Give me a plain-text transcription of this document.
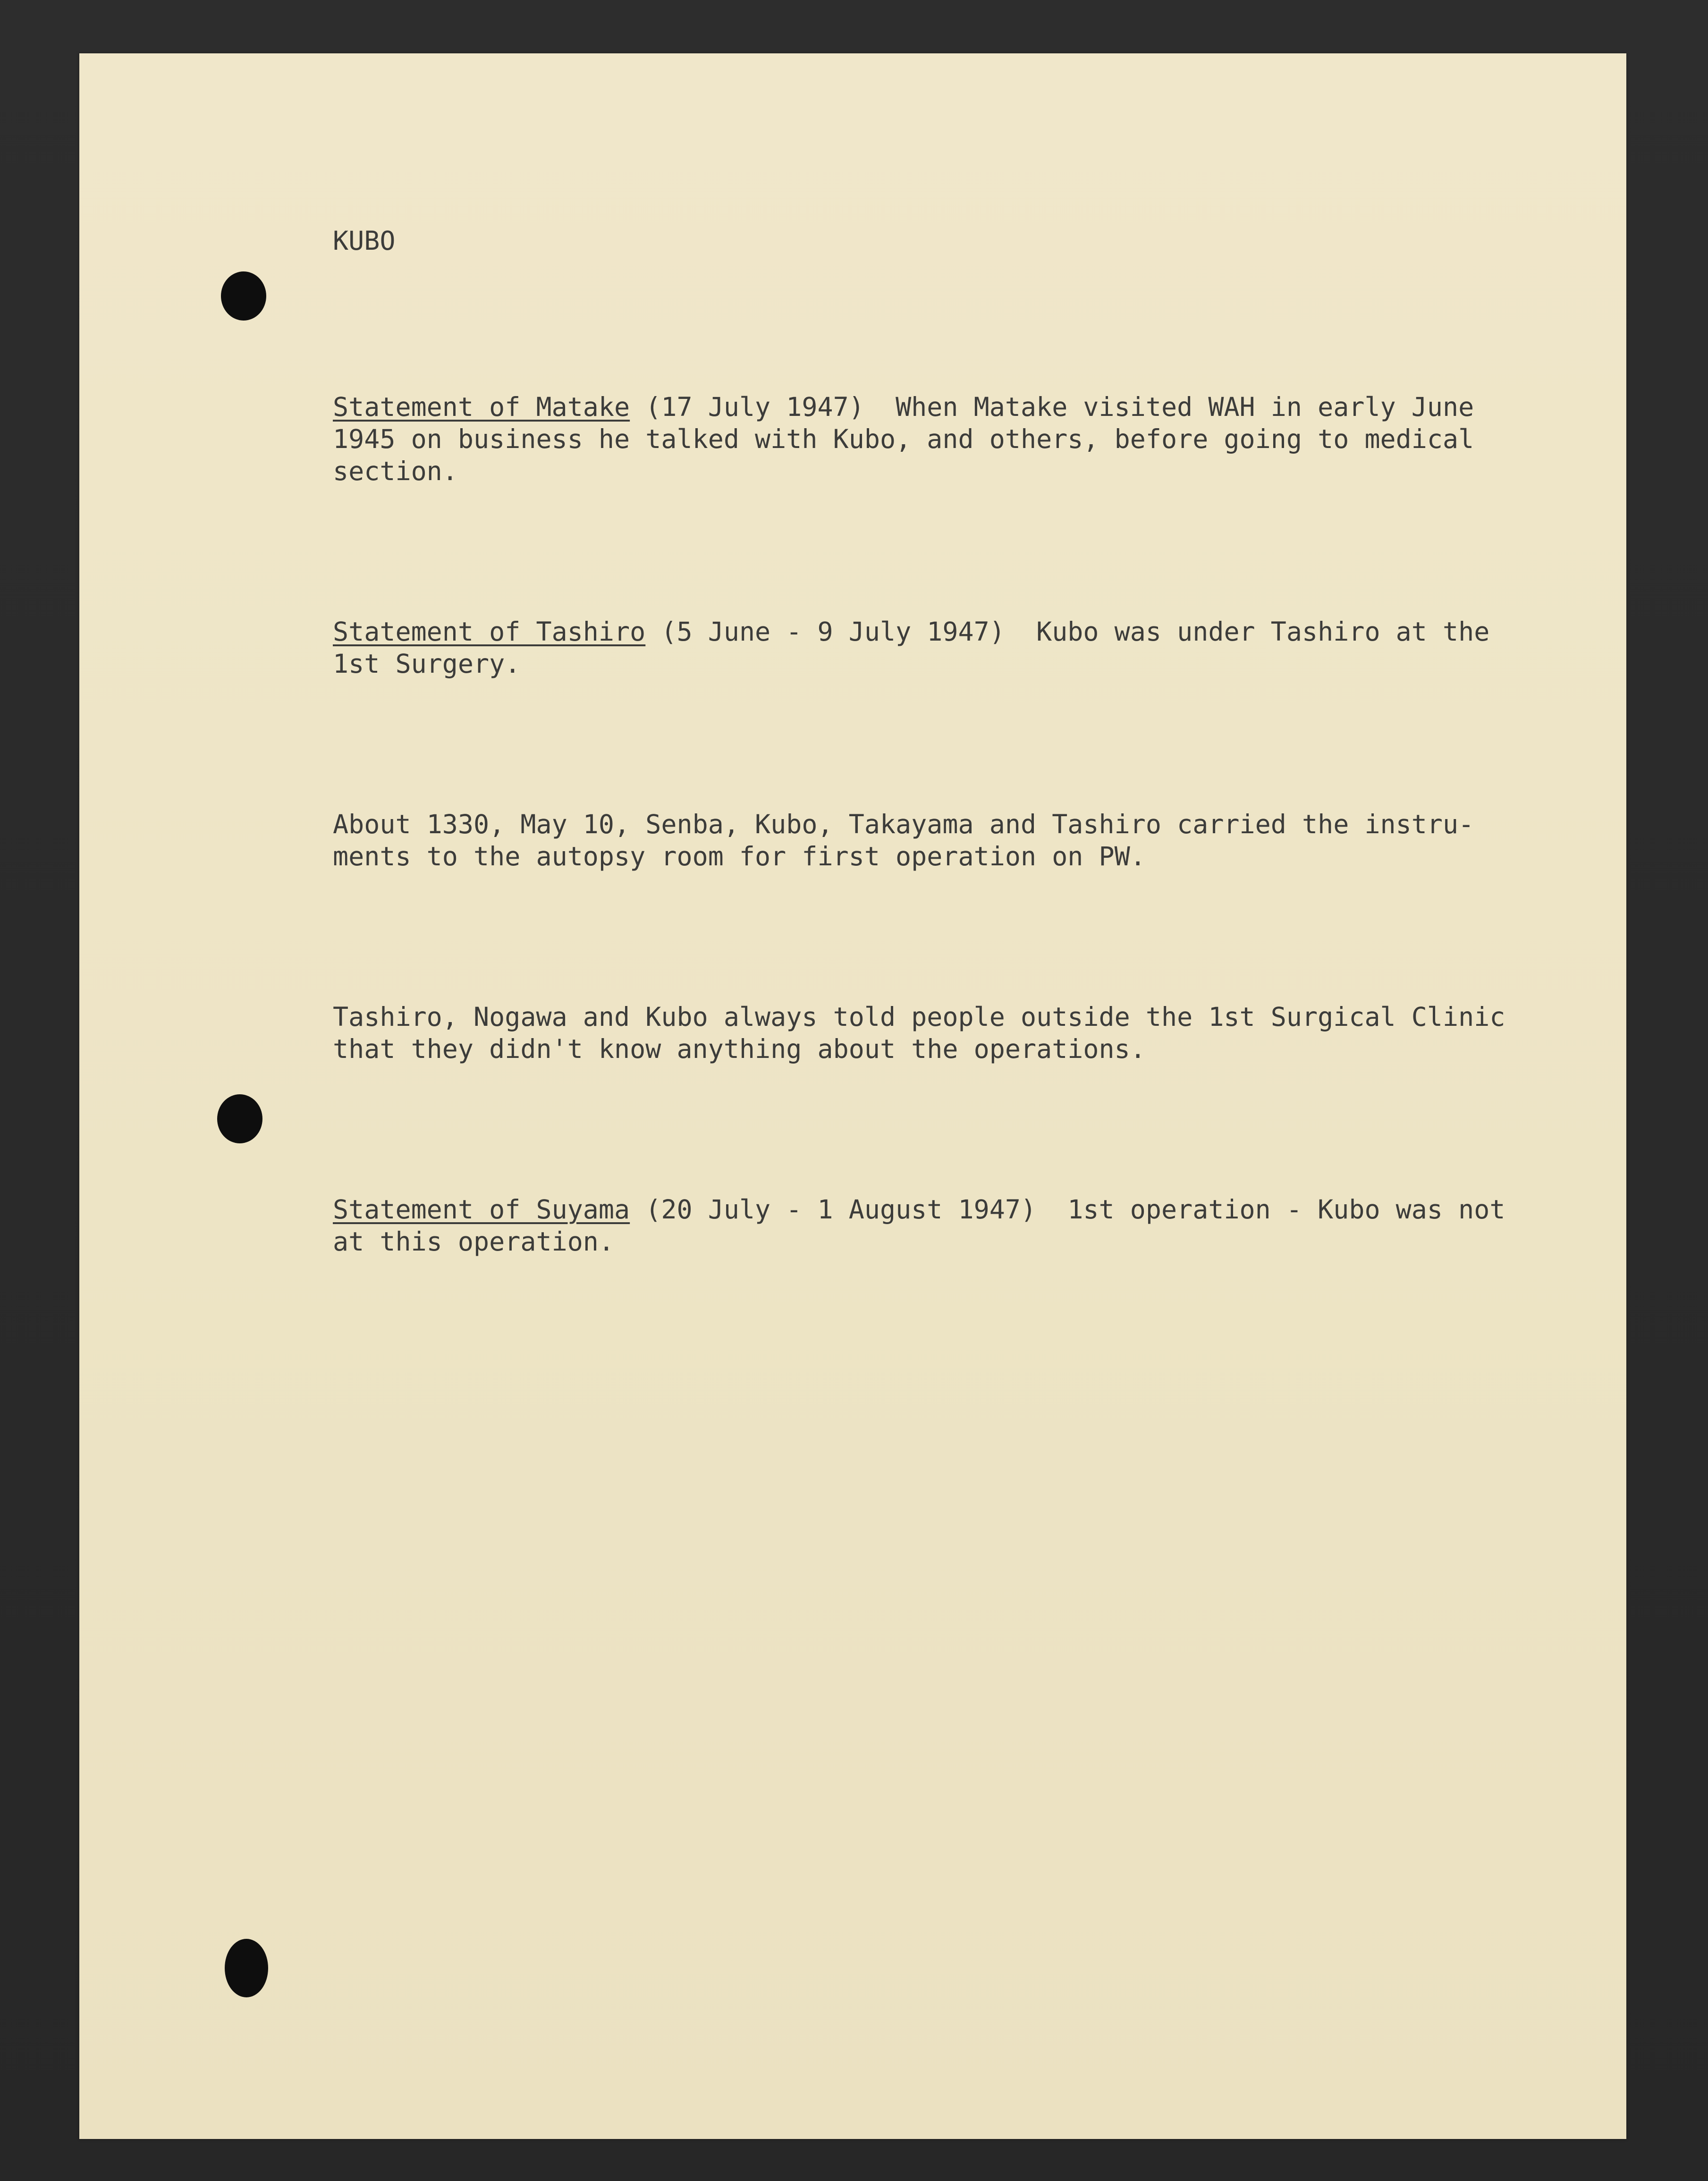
KUBO

Statement of Matake (17 July 1947)  When Matake visited WAH in early June
1945 on business he talked with Kubo, and others, before going to medical
section.

Statement of Tashiro (5 June - 9 July 1947)  Kubo was under Tashiro at the
1st Surgery.

About 1330, May 10, Senba, Kubo, Takayama and Tashiro carried the instru-
ments to the autopsy room for first operation on PW.

Tashiro, Nogawa and Kubo always told people outside the 1st Surgical Clinic
that they didn't know anything about the operations.

Statement of Suyama (20 July - 1 August 1947)  1st operation - Kubo was not
at this operation.
